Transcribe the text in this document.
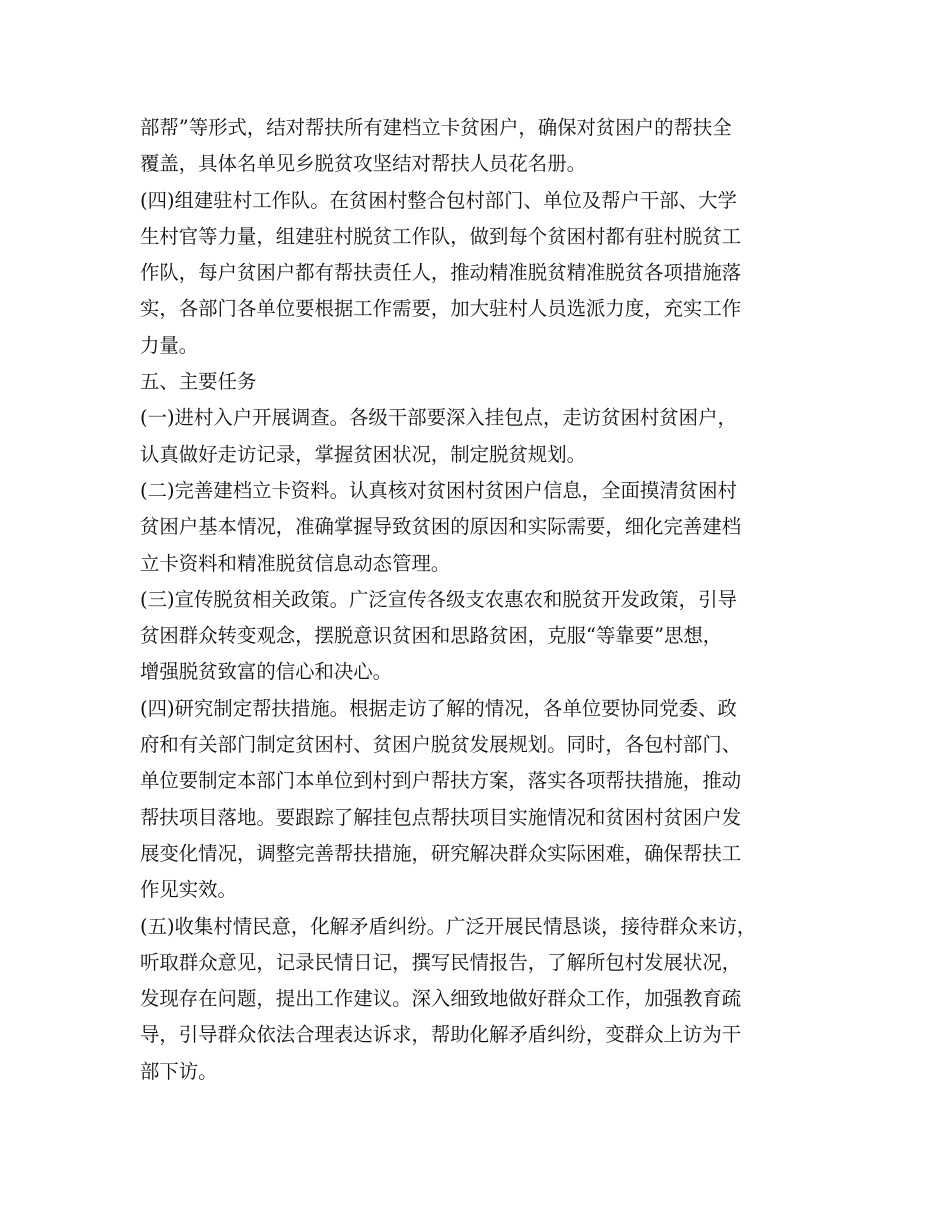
部帮”等形式，结对帮扶所有建档立卡贫困户，确保对贫困户的帮扶全
覆盖，具体名单见乡脱贫攻坚结对帮扶人员花名册。
(四)组建驻村工作队。在贫困村整合包村部门、单位及帮户干部、大学
生村官等力量，组建驻村脱贫工作队，做到每个贫困村都有驻村脱贫工
作队，每户贫困户都有帮扶责任人，推动精准脱贫精准脱贫各项措施落
实，各部门各单位要根据工作需要，加大驻村人员选派力度，充实工作
力量。
五、主要任务
(一)进村入户开展调查。各级干部要深入挂包点，走访贫困村贫困户，
认真做好走访记录，掌握贫困状况，制定脱贫规划。
(二)完善建档立卡资料。认真核对贫困村贫困户信息，全面摸清贫困村
贫困户基本情况，准确掌握导致贫困的原因和实际需要，细化完善建档
立卡资料和精准脱贫信息动态管理。
(三)宣传脱贫相关政策。广泛宣传各级支农惠农和脱贫开发政策，引导
贫困群众转变观念，摆脱意识贫困和思路贫困，克服“等靠要”思想，
增强脱贫致富的信心和决心。
(四)研究制定帮扶措施。根据走访了解的情况，各单位要协同党委、政
府和有关部门制定贫困村、贫困户脱贫发展规划。同时，各包村部门、
单位要制定本部门本单位到村到户帮扶方案，落实各项帮扶措施，推动
帮扶项目落地。要跟踪了解挂包点帮扶项目实施情况和贫困村贫困户发
展变化情况，调整完善帮扶措施，研究解决群众实际困难，确保帮扶工
作见实效。
(五)收集村情民意，化解矛盾纠纷。广泛开展民情恳谈，接待群众来访，
听取群众意见，记录民情日记，撰写民情报告，了解所包村发展状况，
发现存在问题，提出工作建议。深入细致地做好群众工作，加强教育疏
导，引导群众依法合理表达诉求，帮助化解矛盾纠纷，变群众上访为干
部下访。
